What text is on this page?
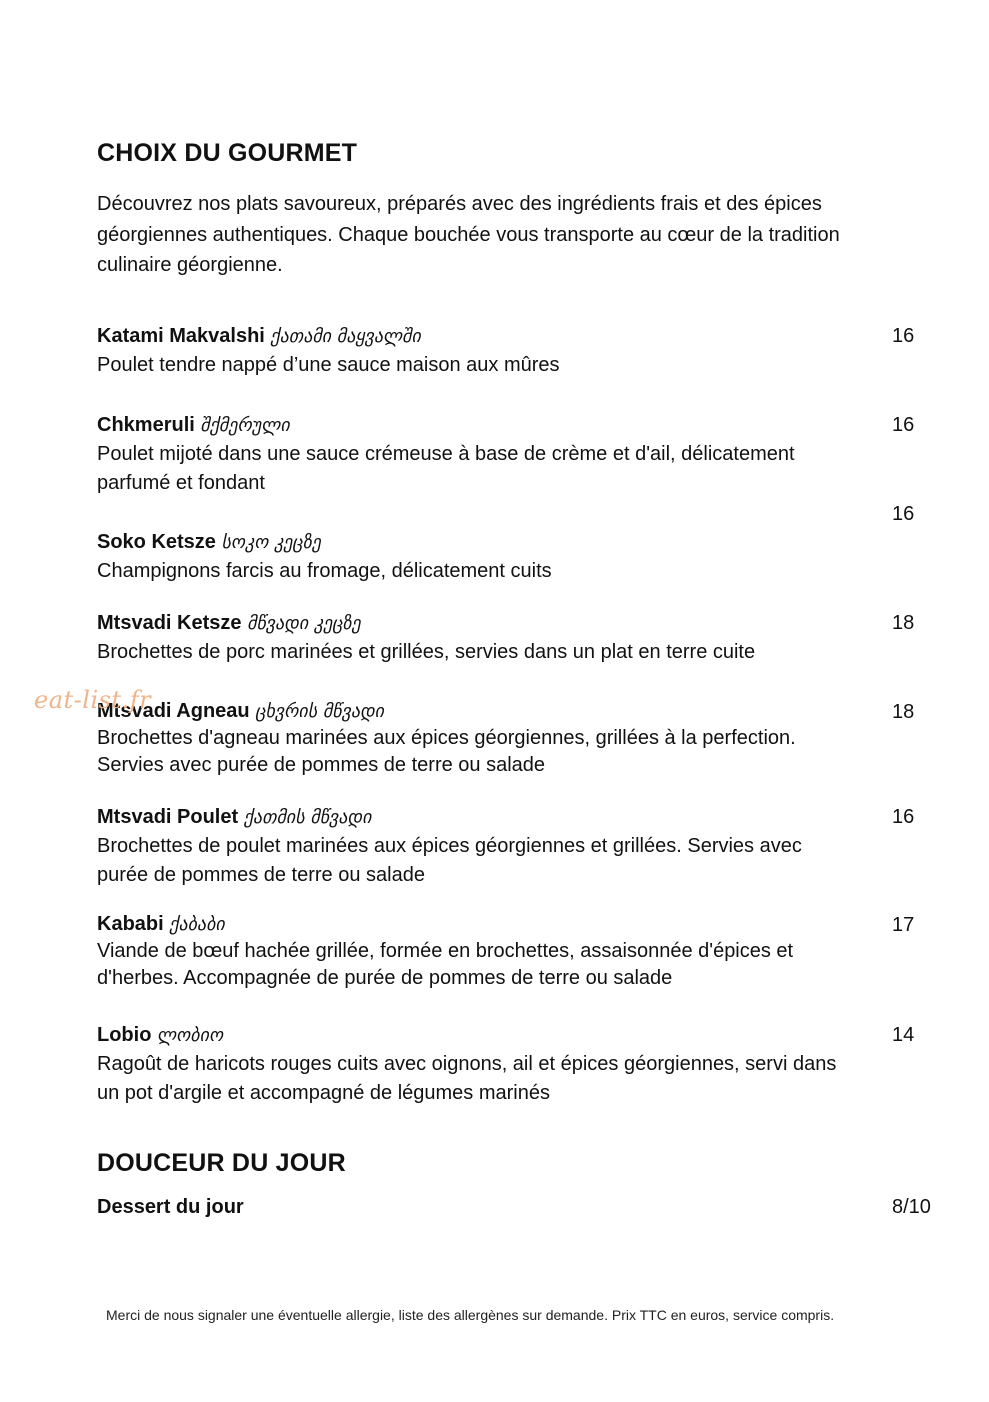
CHOIX DU GOURMET
Découvrez nos plats savoureux, préparés avec des ingrédients frais et des épices géorgiennes authentiques. Chaque bouchée vous transporte au cœur de la tradition culinaire géorgienne.
Katami Makvalshi ქათამი მაყვალში
Poulet tendre nappé d’une sauce maison aux mûres
16
Chkmeruli შქმერული
Poulet mijoté dans une sauce crémeuse à base de crème et d'ail, délicatement parfumé et fondant
16
16
Soko Ketsze სოკო კეცზე
Champignons farcis au fromage, délicatement cuits
Mtsvadi Ketsze მწვადი კეცზე
Brochettes de porc marinées et grillées, servies dans un plat en terre cuite
18
Mtsvadi Agneau ცხვრის მწვადი
Brochettes d'agneau marinées aux épices géorgiennes, grillées à la perfection. Servies avec purée de pommes de terre ou salade
18
Mtsvadi Poulet ქათმის მწვადი
Brochettes de poulet marinées aux épices géorgiennes et grillées. Servies avec purée de pommes de terre ou salade
16
Kababi ქაბაბი
Viande de bœuf hachée grillée, formée en brochettes, assaisonnée d'épices et d'herbes. Accompagnée de purée de pommes de terre ou salade
17
Lobio ლობიო
Ragoût de haricots rouges cuits avec oignons, ail et épices géorgiennes, servi dans un pot d'argile et accompagné de légumes marinés
14
DOUCEUR DU JOUR
Dessert du jour	8/10
eat-list.fr
Merci de nous signaler une éventuelle allergie, liste des allergènes sur demande. Prix TTC en euros, service compris.
